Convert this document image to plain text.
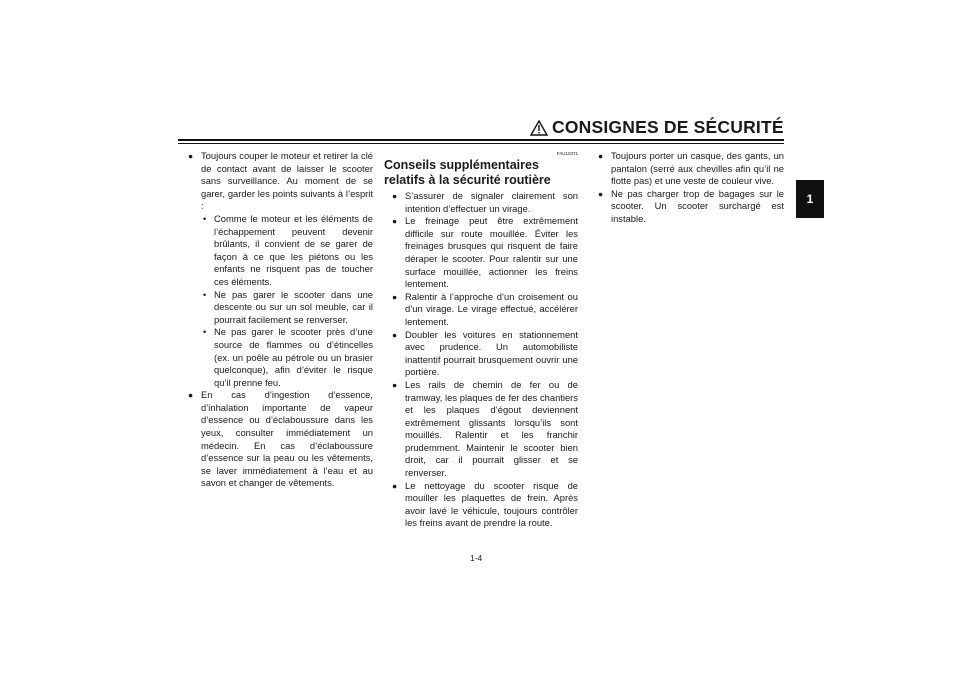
CONSIGNES DE SÉCURITÉ
1
● Toujours couper le moteur et retirer la clé de contact avant de laisser le scooter sans surveillance. Au moment de se garer, garder les points suivants à l’esprit :
• Comme le moteur et les éléments de l’échappement peuvent devenir brûlants, il convient de se garer de façon à ce que les piétons ou les enfants ne risquent pas de toucher ces éléments.
• Ne pas garer le scooter dans une descente ou sur un sol meuble, car il pourrait facilement se renverser.
• Ne pas garer le scooter près d’une source de flammes ou d’étincelles (ex. un poêle au pétrole ou un brasier quelconque), afin d’éviter le risque qu’il prenne feu.
● En cas d’ingestion d’essence, d’inhalation importante de vapeur d’essence ou d’éclaboussure dans les yeux, consulter immédiatement un médecin. En cas d’éclaboussure d’essence sur la peau ou les vêtements, se laver immédiatement à l’eau et au savon et changer de vêtements.
FAU10371
Conseils supplémentaires relatifs à la sécurité routière
● S’assurer de signaler clairement son intention d’effectuer un virage.
● Le freinage peut être extrêmement difficile sur route mouillée. Éviter les freinages brusques qui risquent de faire déraper le scooter. Pour ralentir sur une surface mouillée, actionner les freins lentement.
● Ralentir à l’approche d’un croisement ou d’un virage. Le virage effectué, accélérer lentement.
● Doubler les voitures en stationnement avec prudence. Un automobiliste inattentif pourrait brusquement ouvrir une portière.
● Les rails de chemin de fer ou de tramway, les plaques de fer des chantiers et les plaques d’égout deviennent extrêmement glissants lorsqu’ils sont mouillés. Ralentir et les franchir prudemment. Maintenir le scooter bien droit, car il pourrait glisser et se renverser.
● Le nettoyage du scooter risque de mouiller les plaquettes de frein. Après avoir lavé le véhicule, toujours contrôler les freins avant de prendre la route.
● Toujours porter un casque, des gants, un pantalon (serré aux chevilles afin qu’il ne flotte pas) et une veste de couleur vive.
● Ne pas charger trop de bagages sur le scooter. Un scooter surchargé est instable.
1-4
